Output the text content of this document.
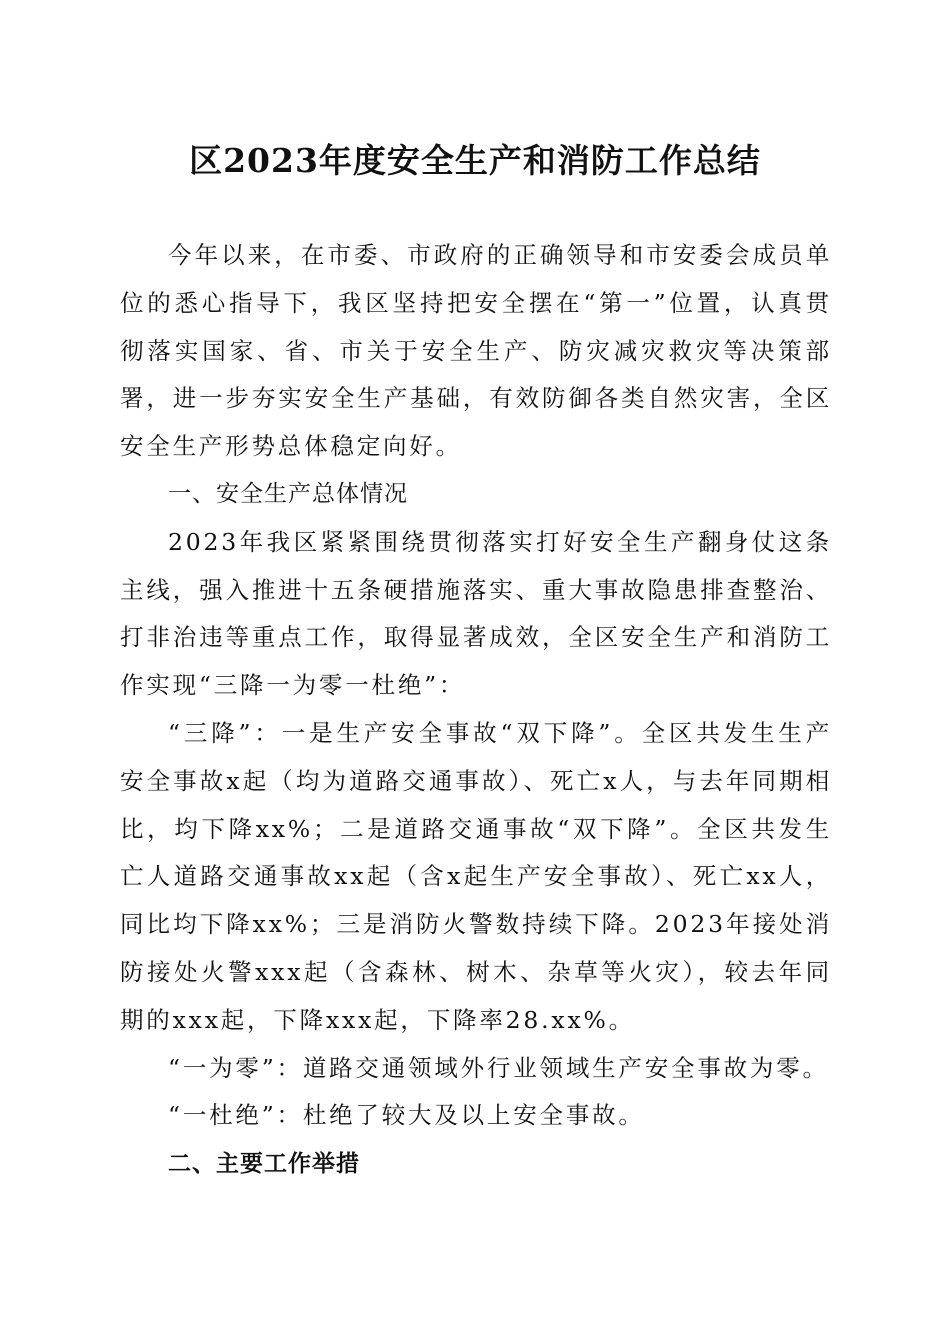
区2023年度安全生产和消防工作总结

今年以来，在市委、市政府的正确领导和市安委会成员单位的悉心指导下，我区坚持把安全摆在“第一”位置，认真贯彻落实国家、省、市关于安全生产、防灾减灾救灾等决策部署，进一步夯实安全生产基础，有效防御各类自然灾害，全区安全生产形势总体稳定向好。

一、安全生产总体情况

2023年我区紧紧围绕贯彻落实打好安全生产翻身仗这条主线，强入推进十五条硬措施落实、重大事故隐患排查整治、打非治违等重点工作，取得显著成效，全区安全生产和消防工作实现“三降一为零一杜绝”：

“三降”：一是生产安全事故“双下降”。全区共发生生产安全事故x起（均为道路交通事故）、死亡x人，与去年同期相比，均下降xx%；二是道路交通事故“双下降”。全区共发生亡人道路交通事故xx起（含x起生产安全事故）、死亡xx人，同比均下降xx%；三是消防火警数持续下降。2023年接处消防接处火警xxx起（含森林、树木、杂草等火灾），较去年同期的xxx起，下降xxx起，下降率28.xx%。

“一为零”：道路交通领域外行业领域生产安全事故为零。

“一杜绝”：杜绝了较大及以上安全事故。

二、主要工作举措
